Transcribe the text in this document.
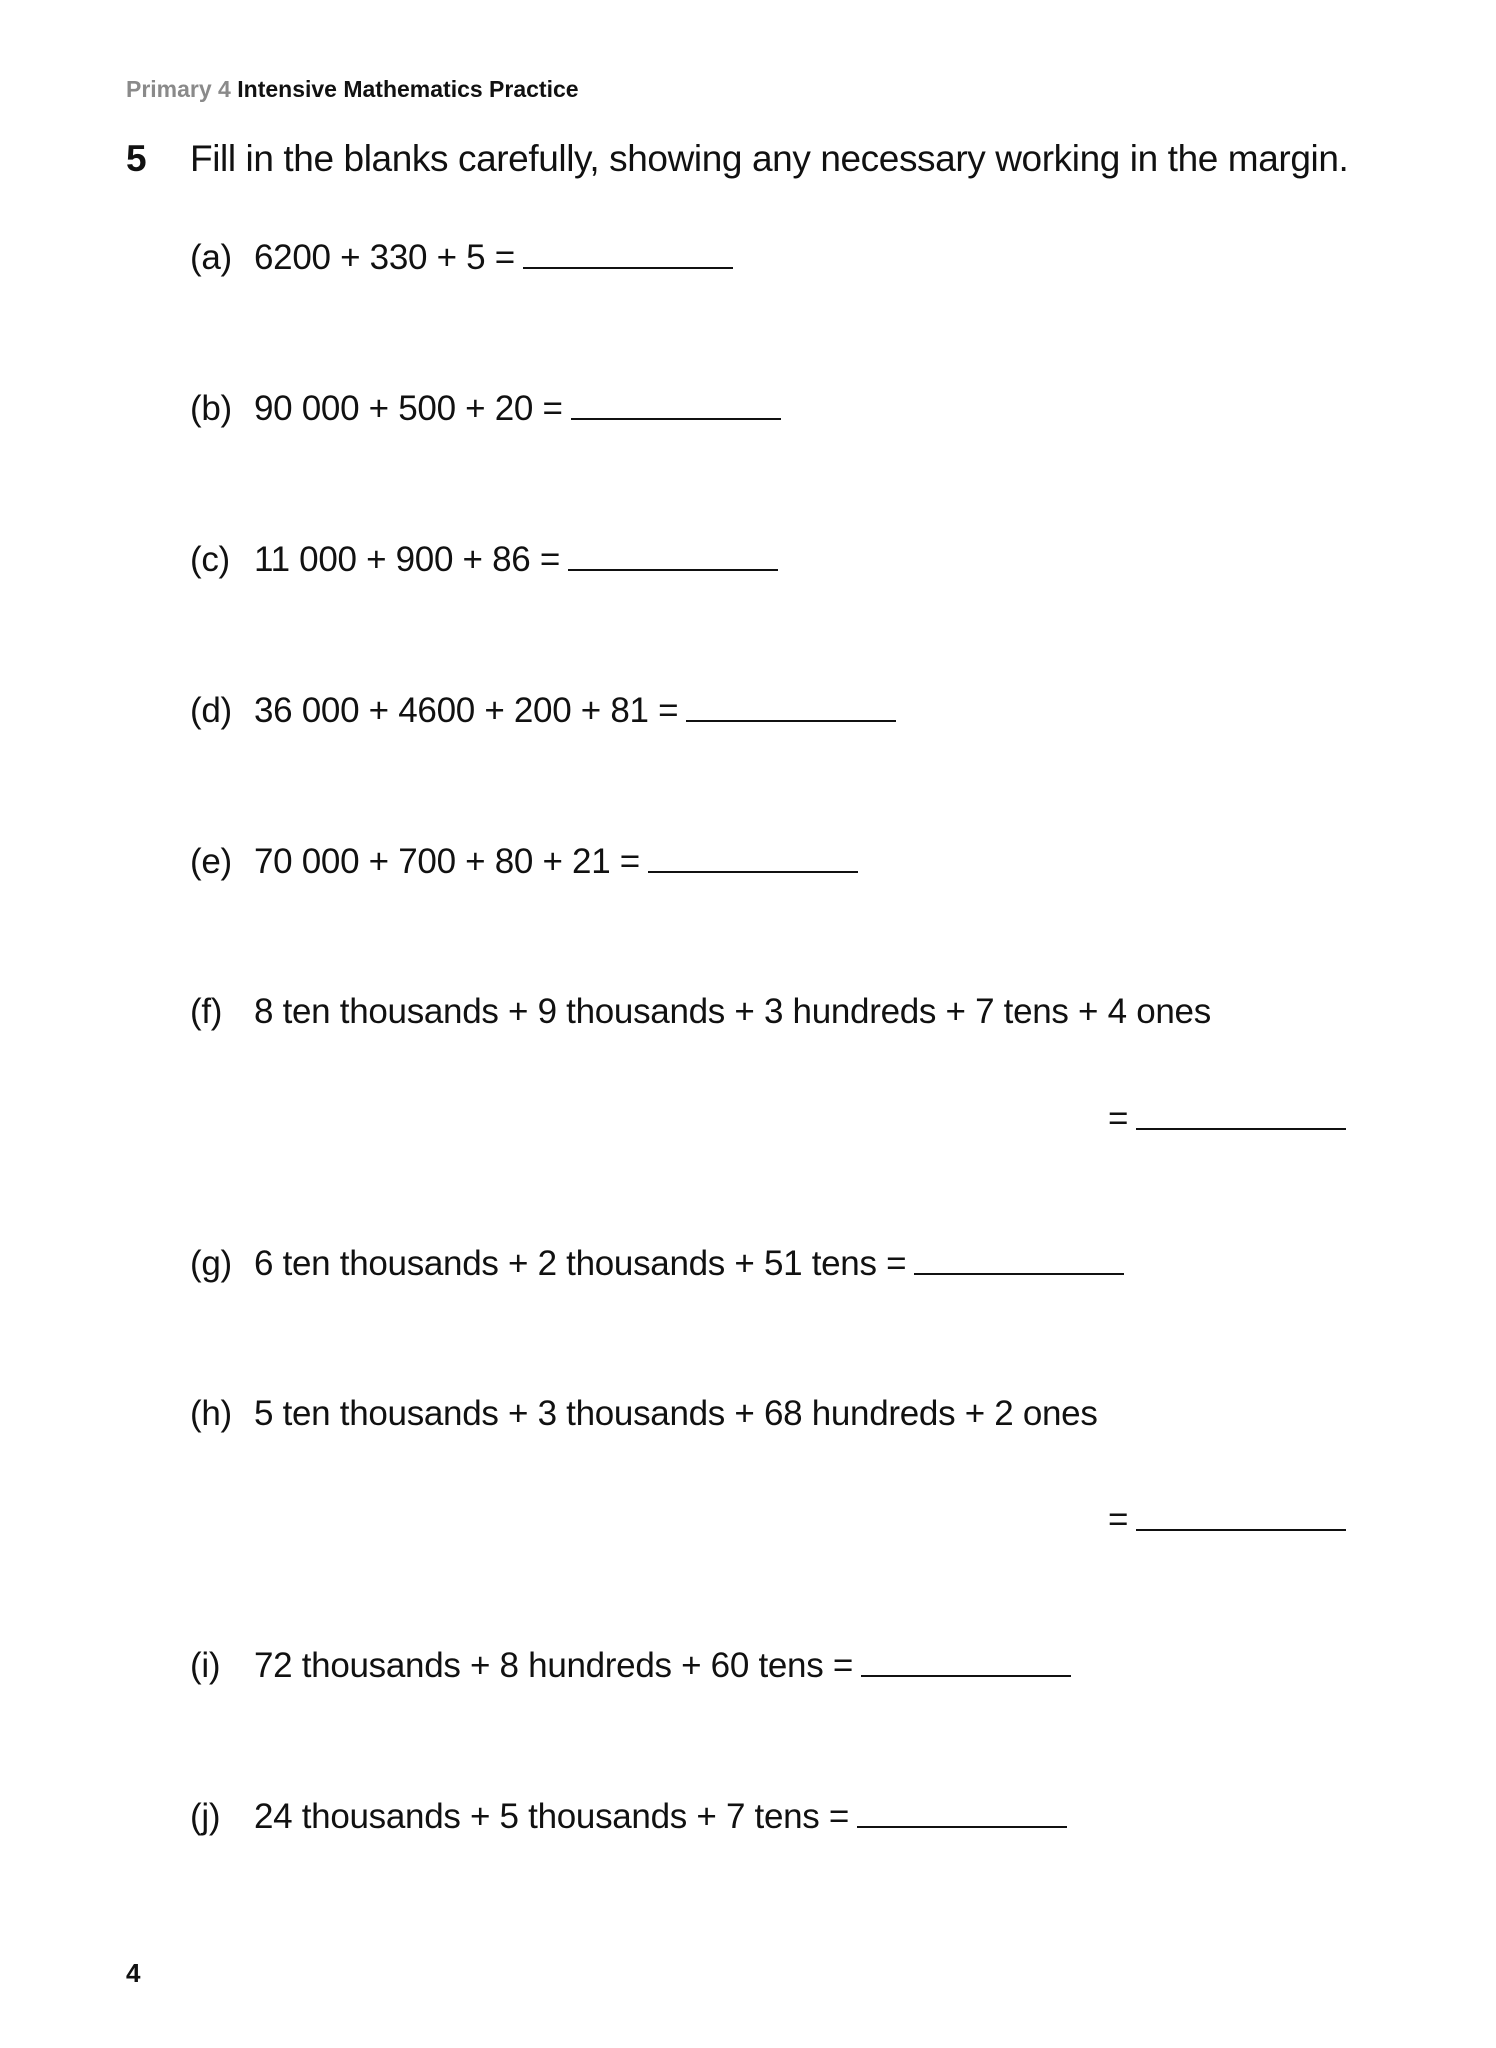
Primary 4 Intensive Mathematics Practice
5 Fill in the blanks carefully, showing any necessary working in the margin.
(a) 6200 + 330 + 5 =
(b) 90 000 + 500 + 20 =
(c) 11 000 + 900 + 86 =
(d) 36 000 + 4600 + 200 + 81 =
(e) 70 000 + 700 + 80 + 21 =
(f) 8 ten thousands + 9 thousands + 3 hundreds + 7 tens + 4 ones
=
(g) 6 ten thousands + 2 thousands + 51 tens =
(h) 5 ten thousands + 3 thousands + 68 hundreds + 2 ones
=
(i) 72 thousands + 8 hundreds + 60 tens =
(j) 24 thousands + 5 thousands + 7 tens =
4
